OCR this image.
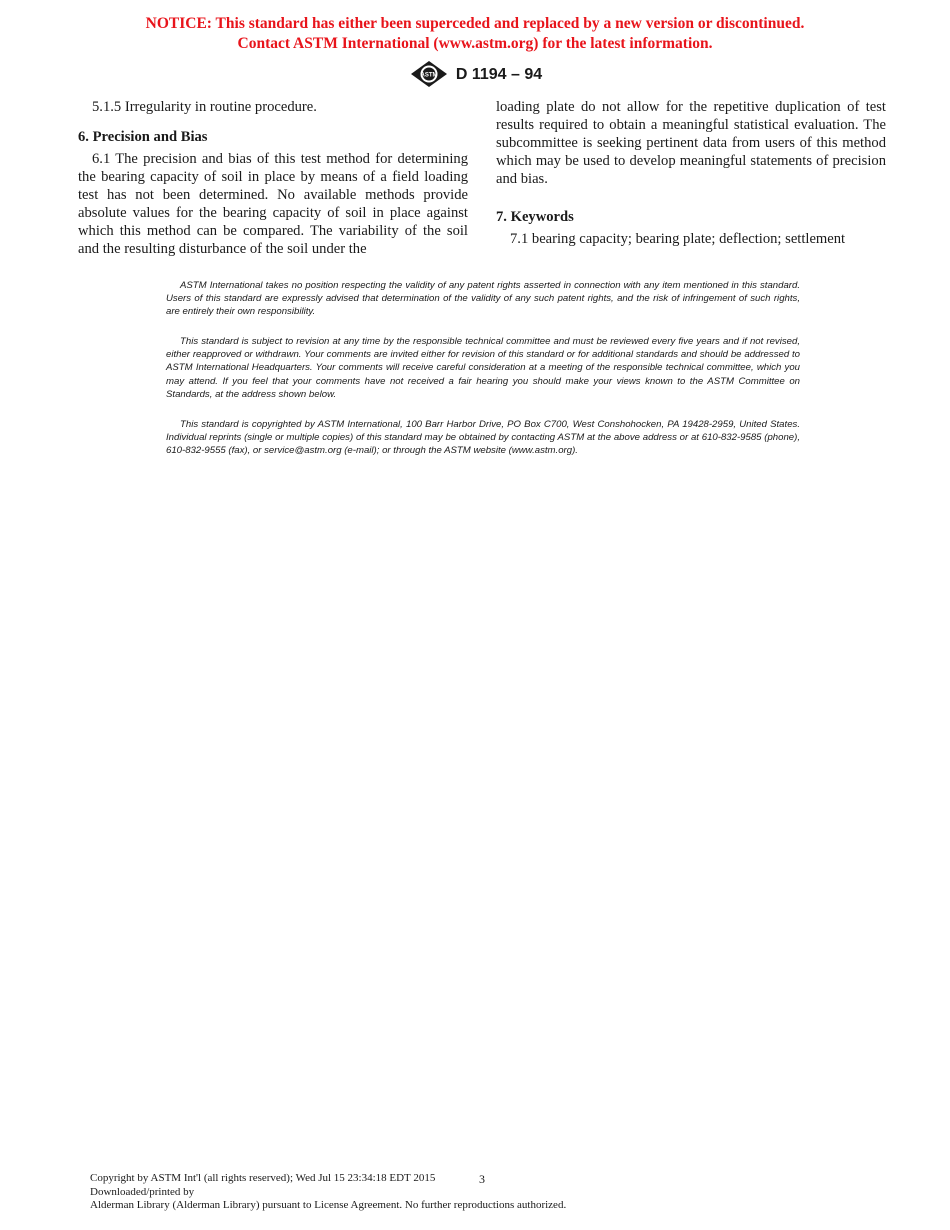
NOTICE: This standard has either been superceded and replaced by a new version or discontinued.
Contact ASTM International (www.astm.org) for the latest information.
ASTM D 1194 – 94

5.1.5 Irregularity in routine procedure.

6. Precision and Bias

6.1 The precision and bias of this test method for determining the bearing capacity of soil in place by means of a field loading test has not been determined. No available methods provide absolute values for the bearing capacity of soil in place against which this method can be compared. The variability of the soil and the resulting disturbance of the soil under the

loading plate do not allow for the repetitive duplication of test results required to obtain a meaningful statistical evaluation. The subcommittee is seeking pertinent data from users of this method which may be used to develop meaningful statements of precision and bias.

7. Keywords

7.1 bearing capacity; bearing plate; deflection; settlement

ASTM International takes no position respecting the validity of any patent rights asserted in connection with any item mentioned in this standard. Users of this standard are expressly advised that determination of the validity of any such patent rights, and the risk of infringement of such rights, are entirely their own responsibility.

This standard is subject to revision at any time by the responsible technical committee and must be reviewed every five years and if not revised, either reapproved or withdrawn. Your comments are invited either for revision of this standard or for additional standards and should be addressed to ASTM International Headquarters. Your comments will receive careful consideration at a meeting of the responsible technical committee, which you may attend. If you feel that your comments have not received a fair hearing you should make your views known to the ASTM Committee on Standards, at the address shown below.

This standard is copyrighted by ASTM International, 100 Barr Harbor Drive, PO Box C700, West Conshohocken, PA 19428-2959, United States. Individual reprints (single or multiple copies) of this standard may be obtained by contacting ASTM at the above address or at 610-832-9585 (phone), 610-832-9555 (fax), or service@astm.org (e-mail); or through the ASTM website (www.astm.org).

3
Copyright by ASTM Int'l (all rights reserved); Wed Jul 15 23:34:18 EDT 2015
Downloaded/printed by
Alderman Library (Alderman Library) pursuant to License Agreement. No further reproductions authorized.
